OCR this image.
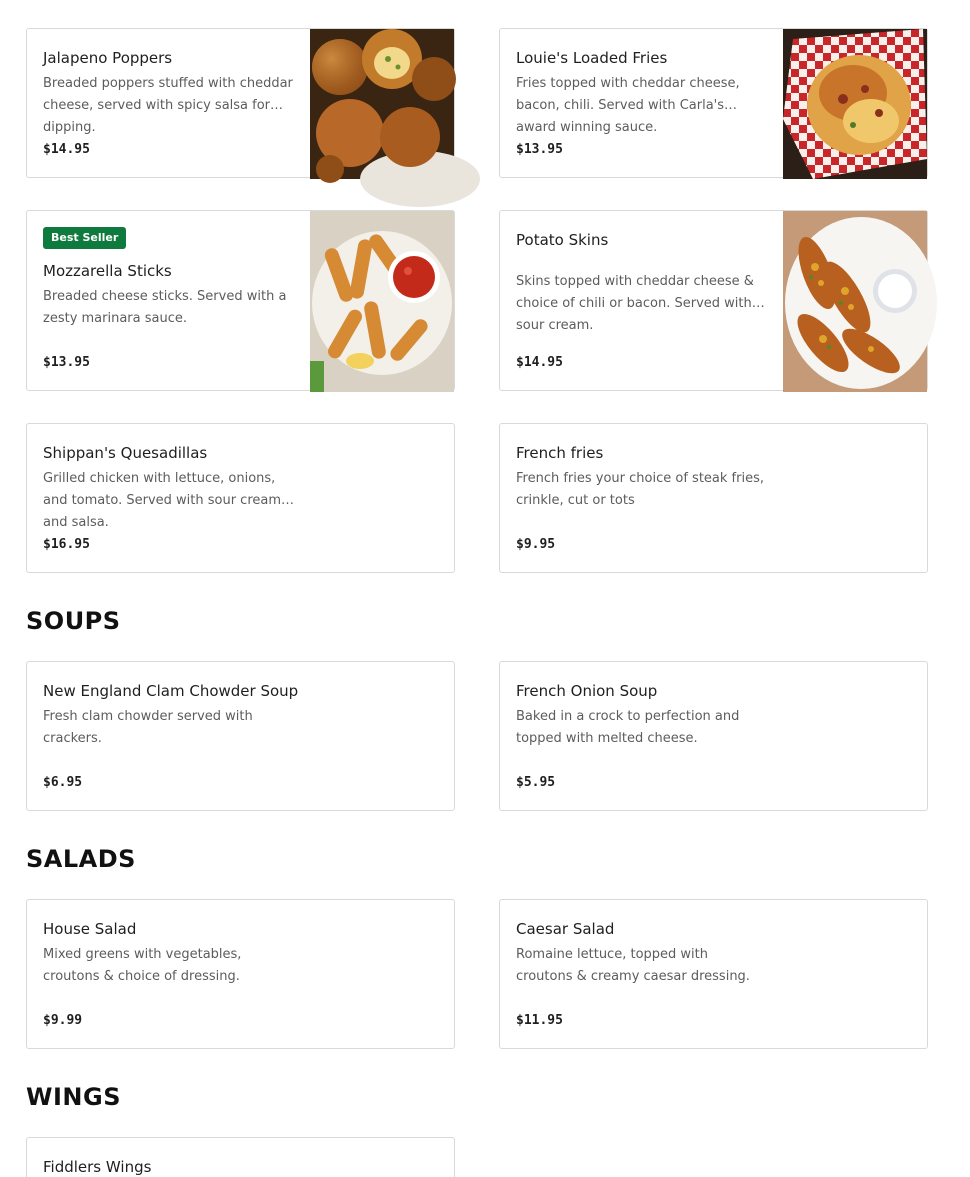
Jalapeno Poppers
Breaded poppers stuffed with cheddar cheese, served with spicy salsa for dipping.
$14.95
Louie's Loaded Fries
Fries topped with cheddar cheese, bacon, chili. Served with Carla's award winning sauce.
$13.95
Best Seller
Mozzarella Sticks
Breaded cheese sticks. Served with a zesty marinara sauce.
$13.95
Potato Skins
Skins topped with cheddar cheese & choice of chili or bacon. Served with sour cream.
$14.95
Shippan's Quesadillas
Grilled chicken with lettuce, onions, and tomato. Served with sour cream and salsa.
$16.95
French fries
French fries your choice of steak fries, crinkle, cut or tots
$9.95
SOUPS
New England Clam Chowder Soup
Fresh clam chowder served with crackers.
$6.95
French Onion Soup
Baked in a crock to perfection and topped with melted cheese.
$5.95
SALADS
House Salad
Mixed greens with vegetables, croutons & choice of dressing.
$9.99
Caesar Salad
Romaine lettuce, topped with croutons & creamy caesar dressing.
$11.95
WINGS
Fiddlers Wings
